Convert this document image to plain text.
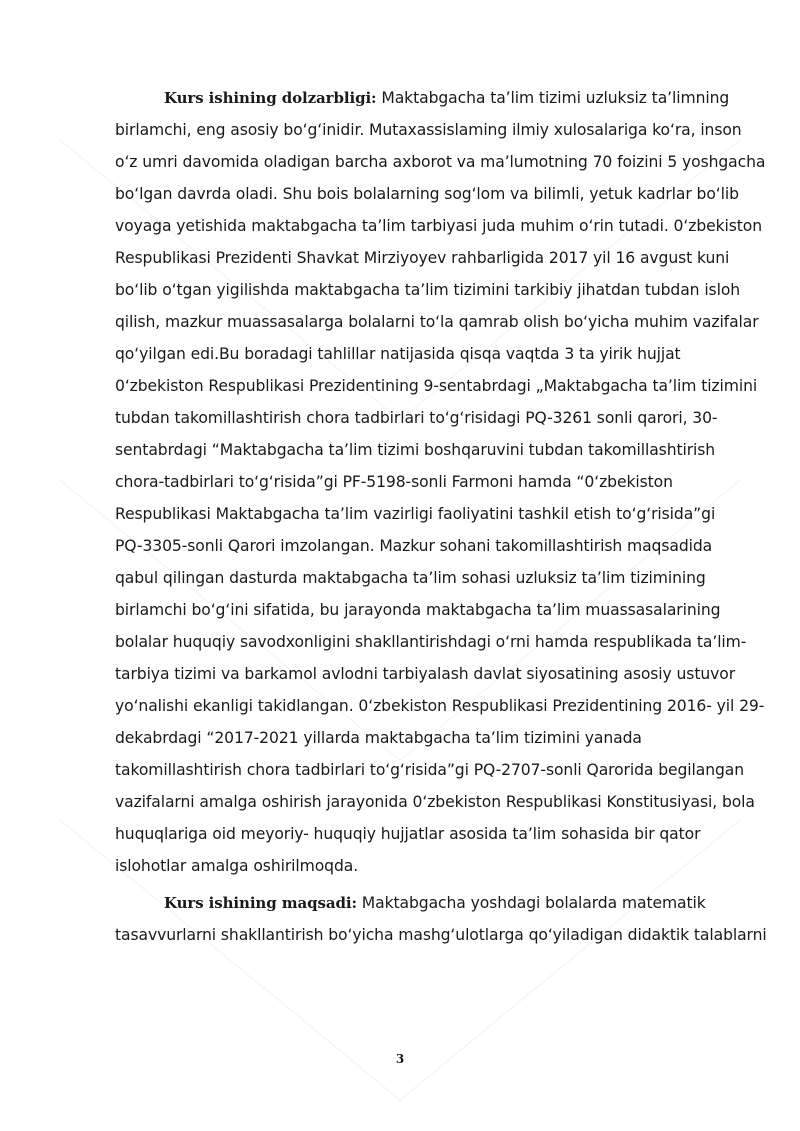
Kurs ishining dolzarbligi: Maktabgacha ta’lim tizimi uzluksiz ta’limning
birlamchi, eng asosiy bo‘g‘inidir. Mutaxassislaming ilmiy xulosalariga ko‘ra, inson
o‘z umri davomida oladigan barcha axborot va ma’lumotning 70 foizini 5 yoshgacha
bo‘lgan davrda oladi. Shu bois bolalarning sog‘lom va bilimli, yetuk kadrlar bo‘lib
voyaga yetishida maktabgacha ta’lim tarbiyasi juda muhim o‘rin tutadi. 0‘zbekiston
Respublikasi Prezidenti Shavkat Mirziyoyev rahbarligida 2017 yil 16 avgust kuni
bo‘lib o‘tgan yigilishda maktabgacha ta’lim tizimini tarkibiy jihatdan tubdan isloh
qilish, mazkur muassasalarga bolalarni to‘la qamrab olish bo‘yicha muhim vazifalar
qo‘yilgan edi.Bu boradagi tahlillar natijasida qisqa vaqtda 3 ta yirik hujjat
0‘zbekiston Respublikasi Prezidentining 9-sentabrdagi „Maktabgacha ta’lim tizimini
tubdan takomillashtirish chora tadbirlari to‘g‘risidagi PQ-3261 sonli qarori, 30-
sentabrdagi “Maktabgacha ta’lim tizimi boshqaruvini tubdan takomillashtirish
chora-tadbirlari to‘g‘risida”gi PF-5198-sonli Farmoni hamda “0‘zbekiston
Respublikasi Maktabgacha ta’lim vazirligi faoliyatini tashkil etish to‘g‘risida”gi
PQ-3305-sonli Qarori imzolangan. Mazkur sohani takomillashtirish maqsadida
qabul qilingan dasturda maktabgacha ta’lim sohasi uzluksiz ta’lim tizimining
birlamchi bo‘g‘ini sifatida, bu jarayonda maktabgacha ta’lim muassasalarining
bolalar huquqiy savodxonligini shakllantirishdagi o‘rni hamda respublikada ta’lim-
tarbiya tizimi va barkamol avlodni tarbiyalash davlat siyosatining asosiy ustuvor
yo‘nalishi ekanligi takidlangan. 0‘zbekiston Respublikasi Prezidentining 2016- yil 29-
dekabrdagi “2017-2021 yillarda maktabgacha ta’lim tizimini yanada
takomillashtirish chora tadbirlari to‘g‘risida”gi PQ-2707-sonli Qarorida begilangan
vazifalarni amalga oshirish jarayonida 0‘zbekiston Respublikasi Konstitusiyasi, bola
huquqlariga oid meyoriy- huquqiy hujjatlar asosida ta’lim sohasida bir qator
islohotlar amalga oshirilmoqda.
Kurs ishining maqsadi: Maktabgacha yoshdagi bolalarda matematik
tasavvurlarni shakllantirish bo‘yicha mashg‘ulotlarga qo‘yiladigan didaktik talablarni
3
